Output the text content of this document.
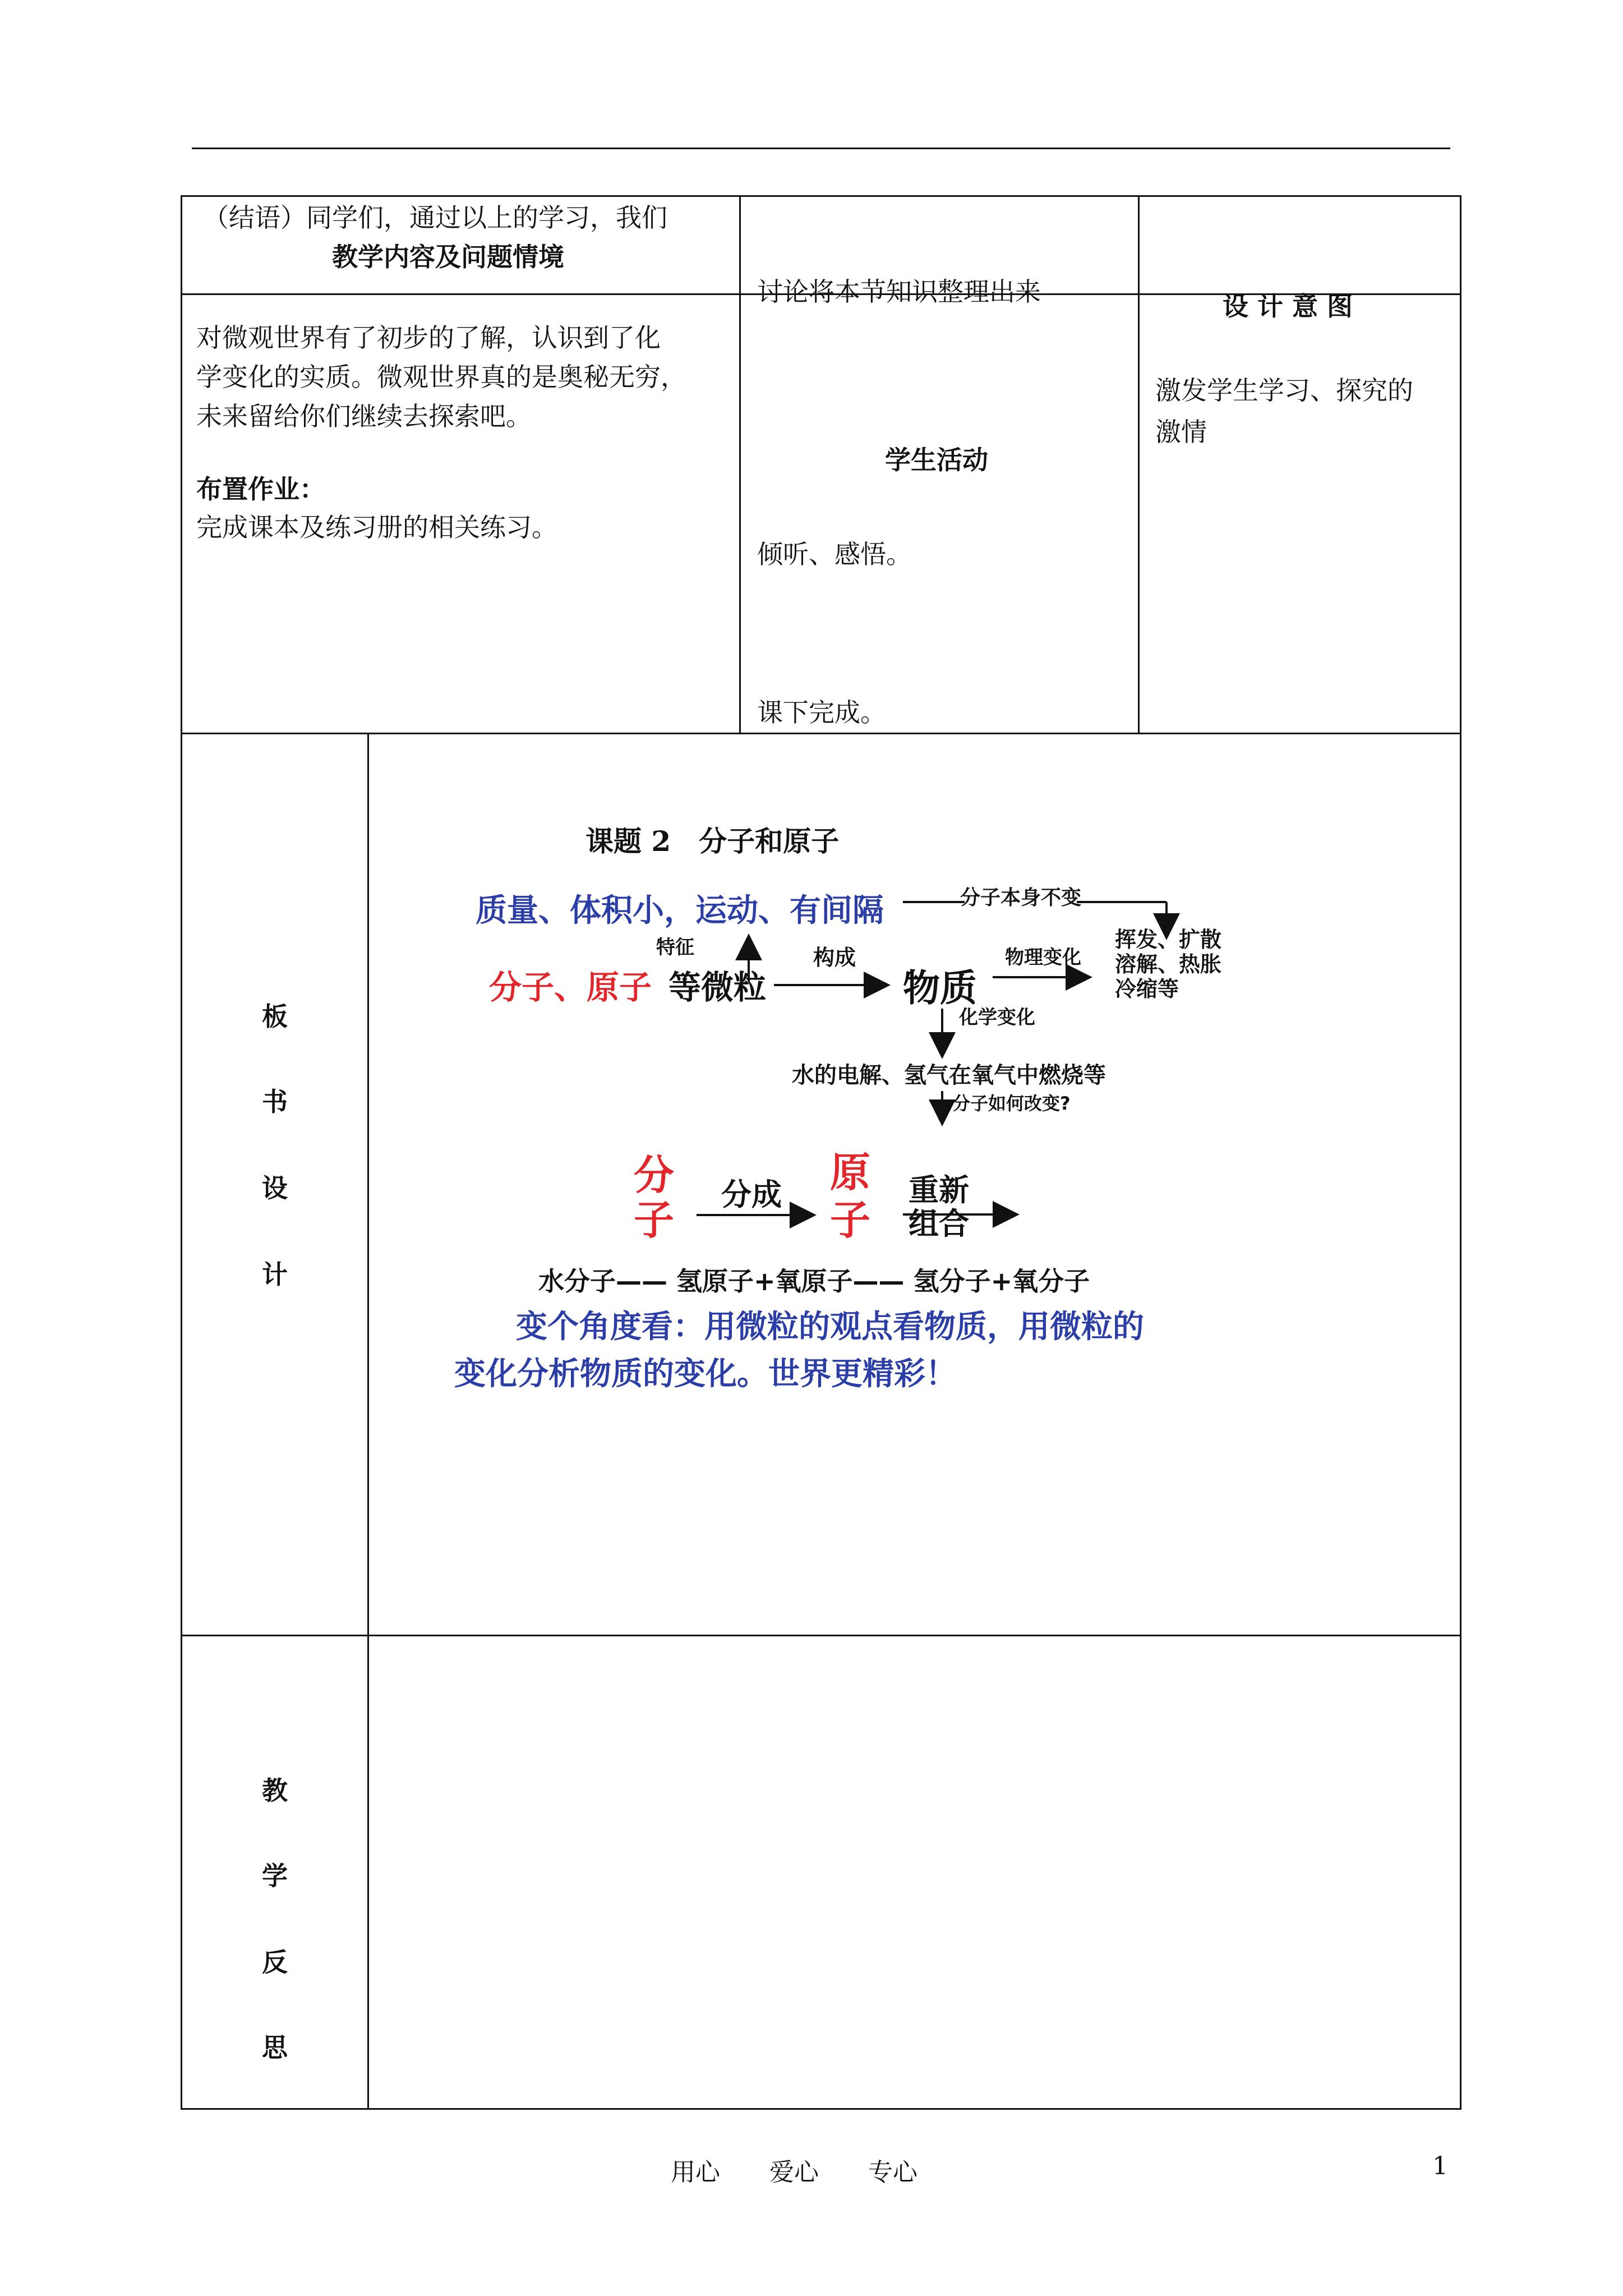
（结语）同学们，通过以上的学习，我们
教学内容及问题情境
对微观世界有了初步的了解，认识到了化
学变化的实质。微观世界真的是奥秘无穷，
未来留给你们继续去探索吧。
布置作业：
完成课本及练习册的相关练习。
讨论将本节知识整理出来
学生活动
倾听、感悟。
课下完成。
设 计 意 图
激发学生学习、探究的
激情
板
书
设
计
课题 2　分子和原子
质量、体积小，运动、有间隔	分子本身不变
特征
分子、原子 等微粒
构成
物质
物理变化
挥发、扩散
溶解、热胀
冷缩等
化学变化
水的电解、氢气在氧气中燃烧等
分子如何改变?
分
子
分成 原
子
重新
组合
水分子—— 氢原子+氧原子—— 氢分子+氧分子
变个角度看：用微粒的观点看物质，用微粒的
变化分析物质的变化。世界更精彩！
教
学
反
思
用心 爱心 专心	1
